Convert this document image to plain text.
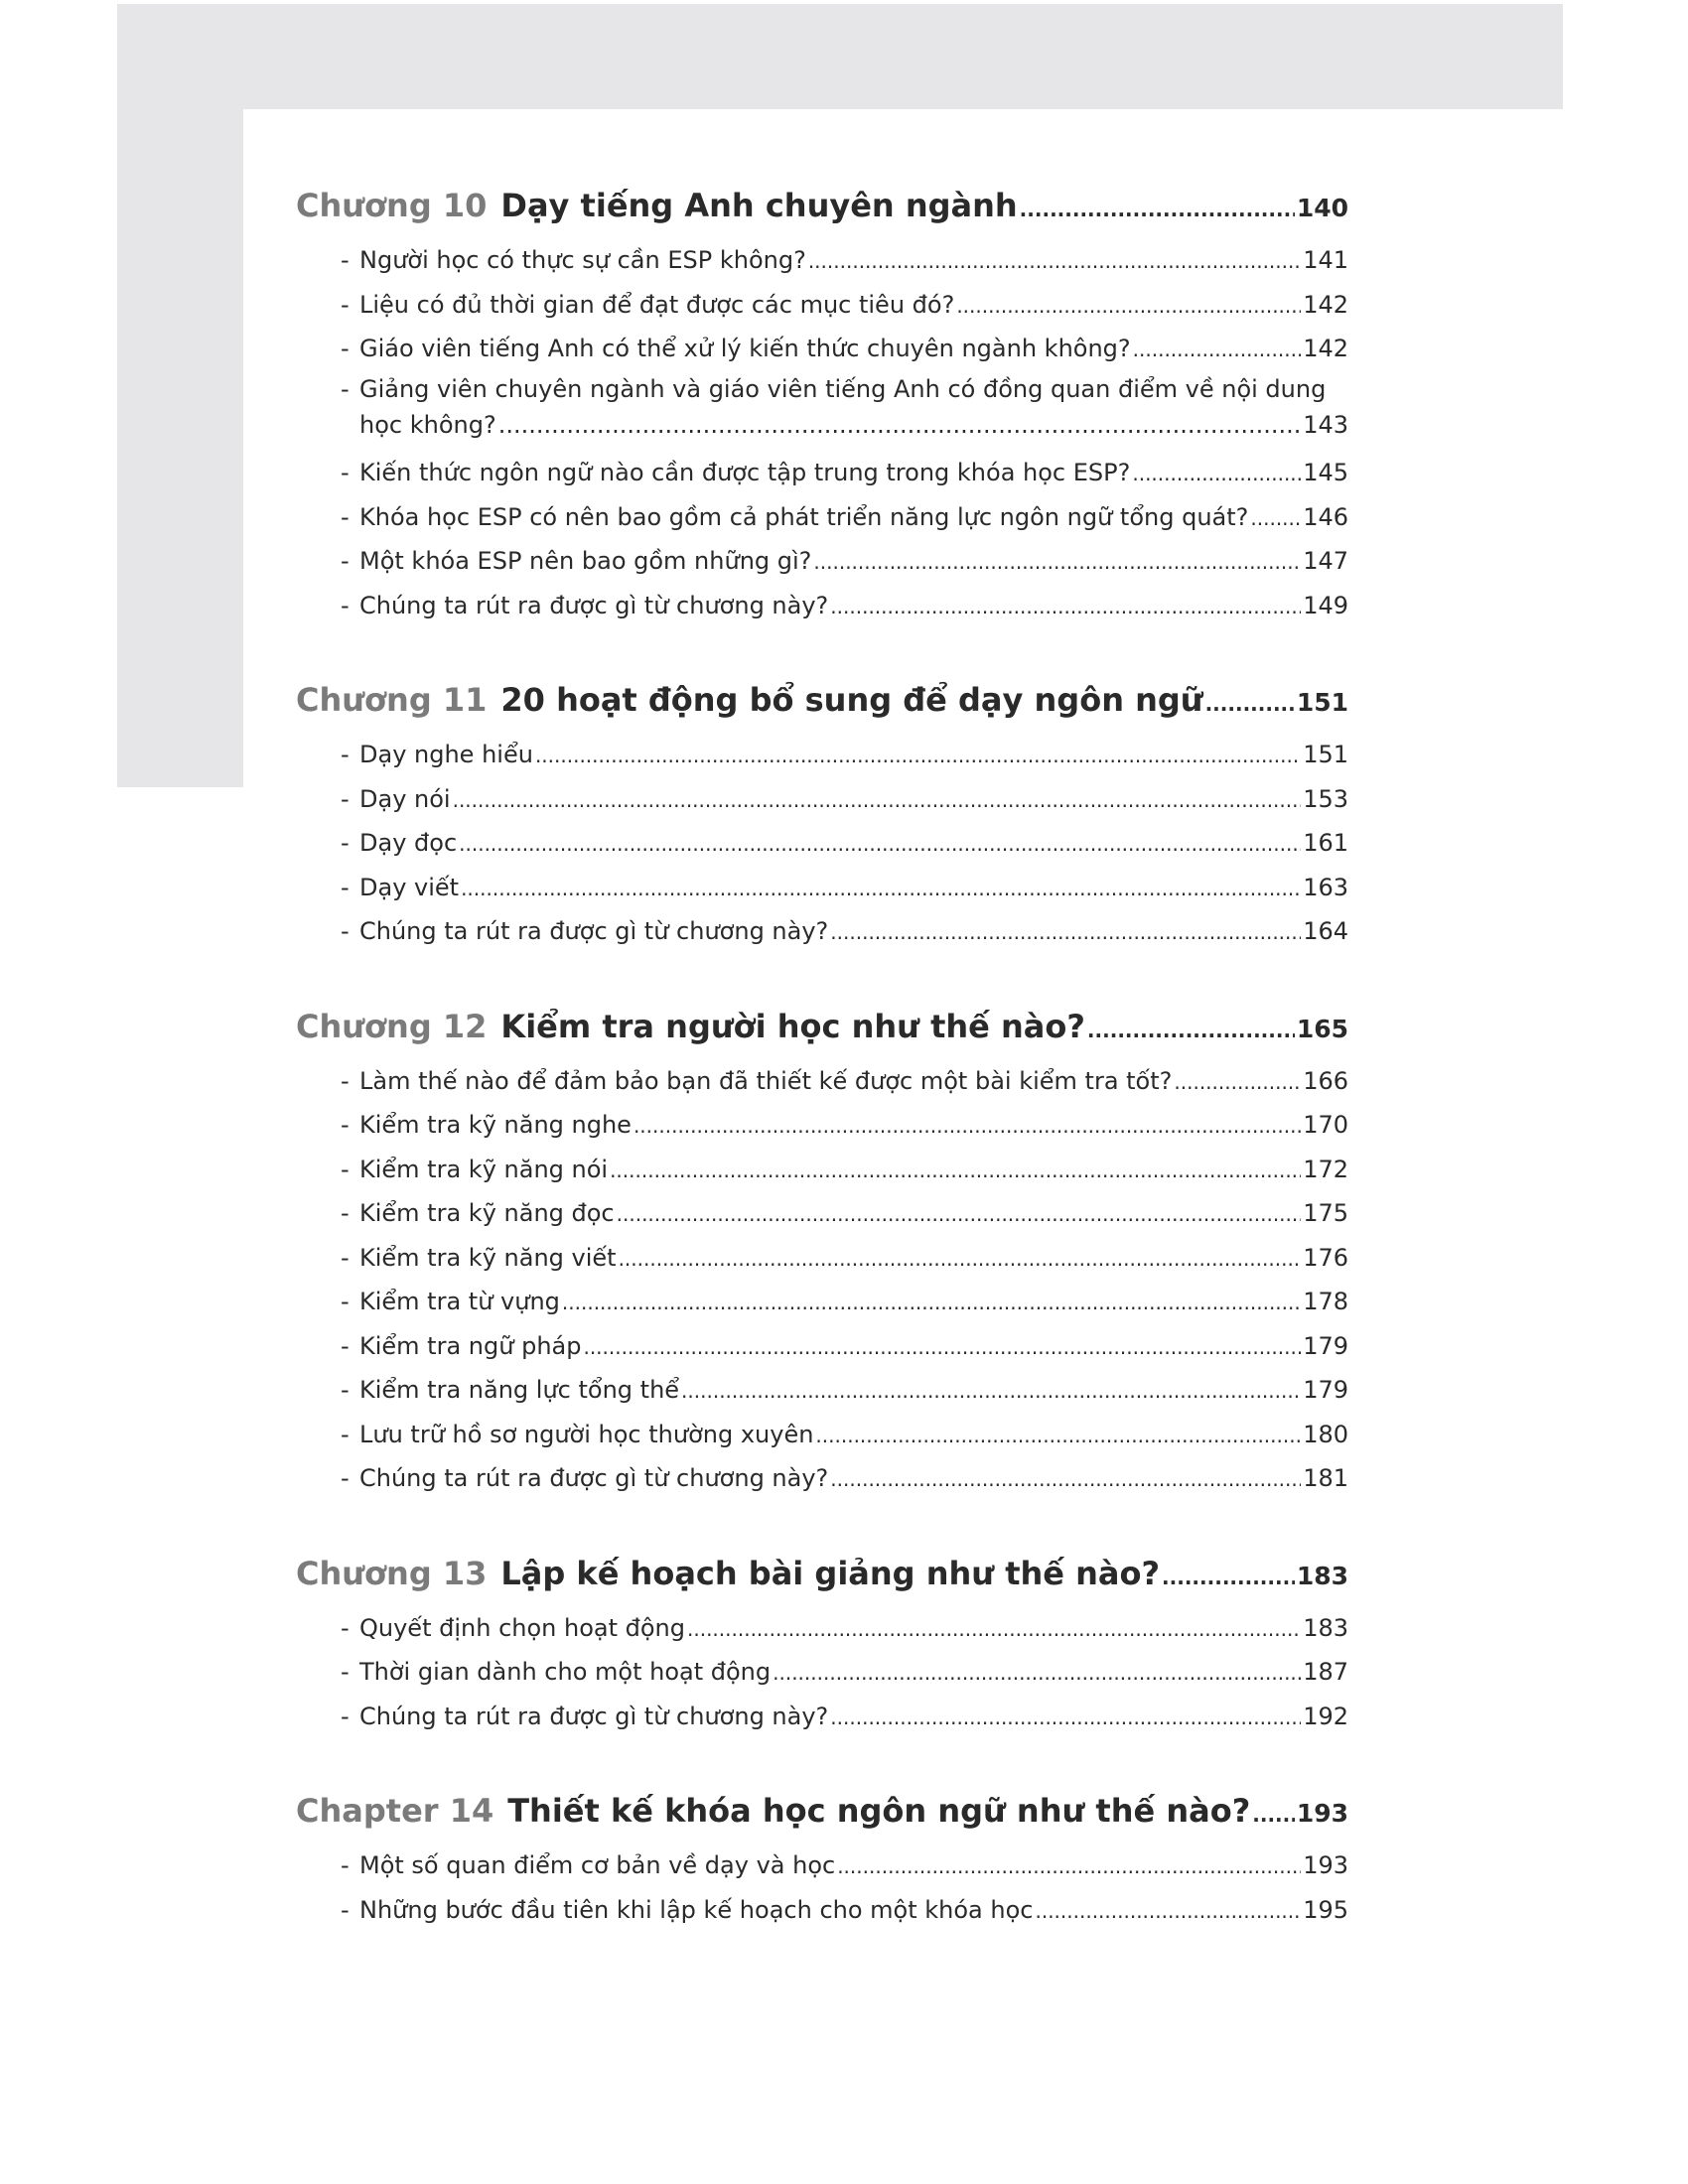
Chương 10 Dạy tiếng Anh chuyên ngành .....	140
- Người học có thực sự cần ESP không? .....	141
- Liệu có đủ thời gian để đạt được các mục tiêu đó? .....	142
- Giáo viên tiếng Anh có thể xử lý kiến thức chuyên ngành không? .....	142
- Giảng viên chuyên ngành và giáo viên tiếng Anh có đồng quan điểm về nội dung
học không? .....	143
- Kiến thức ngôn ngữ nào cần được tập trung trong khóa học ESP? .....	145
- Khóa học ESP có nên bao gồm cả phát triển năng lực ngôn ngữ tổng quát? ..... 146
- Một khóa ESP nên bao gồm những gì? .....	147
- Chúng ta rút ra được gì từ chương này? .....	149
Chương 11 20 hoạt động bổ sung để dạy ngôn ngữ .....	151
- Dạy nghe hiểu .....	151
- Dạy nói .....	153
- Dạy đọc .....	161
- Dạy viết .....	163
- Chúng ta rút ra được gì từ chương này? .....	164
Chương 12 Kiểm tra người học như thế nào? .....	165
- Làm thế nào để đảm bảo bạn đã thiết kế được một bài kiểm tra tốt? .....	166
- Kiểm tra kỹ năng nghe .....	170
- Kiểm tra kỹ năng nói .....	172
- Kiểm tra kỹ năng đọc .....	175
- Kiểm tra kỹ năng viết .....	176
- Kiểm tra từ vựng .....	178
- Kiểm tra ngữ pháp .....	179
- Kiểm tra năng lực tổng thể .....	179
- Lưu trữ hồ sơ người học thường xuyên .....	180
- Chúng ta rút ra được gì từ chương này? .....	181
Chương 13 Lập kế hoạch bài giảng như thế nào? .....	183
- Quyết định chọn hoạt động .....	183
- Thời gian dành cho một hoạt động .....	187
- Chúng ta rút ra được gì từ chương này? .....	192
Chapter 14 Thiết kế khóa học ngôn ngữ như thế nào? ..... 193
- Một số quan điểm cơ bản về dạy và học .....	193
- Những bước đầu tiên khi lập kế hoạch cho một khóa học .....	195
